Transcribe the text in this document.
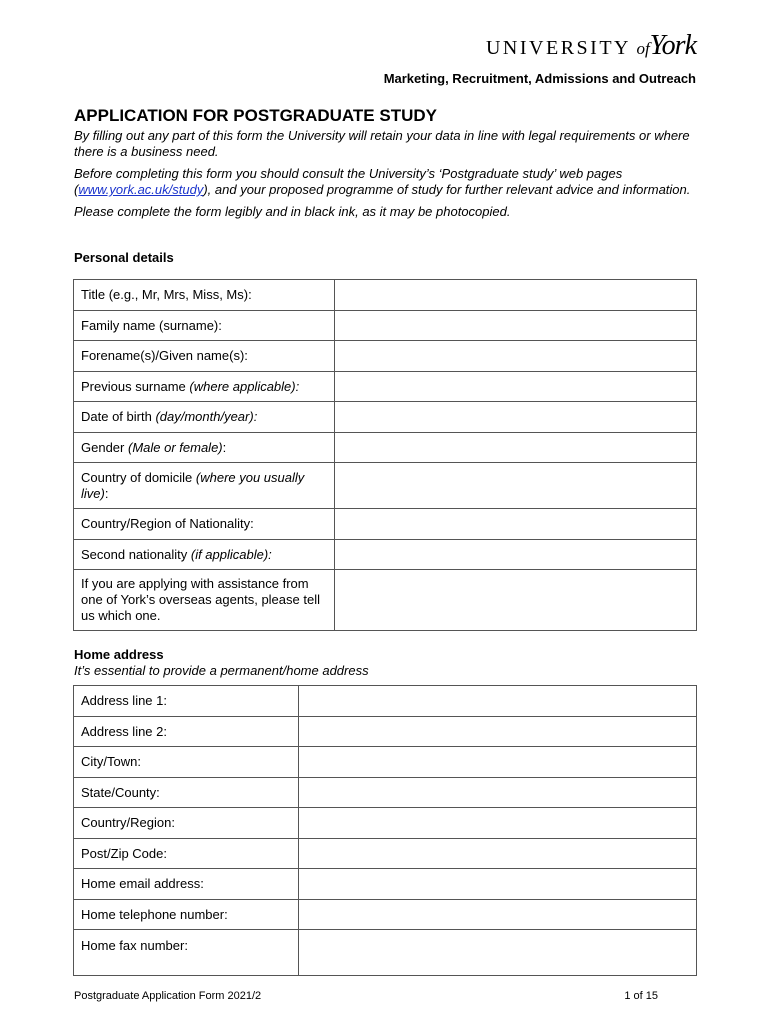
UNIVERSITY ofYork
Marketing, Recruitment, Admissions and Outreach
APPLICATION FOR POSTGRADUATE STUDY

By filling out any part of this form the University will retain your data in line with legal requirements or where there is a business need.

Before completing this form you should consult the University’s ‘Postgraduate study’ web pages (www.york.ac.uk/study), and your proposed programme of study for further relevant advice and information.

Please complete the form legibly and in black ink, as it may be photocopied.

Personal details
Title (e.g., Mr, Mrs, Miss, Ms):	
Family name (surname):	
Forename(s)/Given name(s):	
Previous surname (where applicable):	
Date of birth (day/month/year):	
Gender (Male or female):	
Country of domicile (where you usually live):	
Country/Region of Nationality:	
Second nationality (if applicable):	
If you are applying with assistance from one of York’s overseas agents, please tell us which one.	
Home address
It’s essential to provide a permanent/home address
Address line 1:	
Address line 2:	
City/Town:	
State/County:	
Country/Region:	
Post/Zip Code:	
Home email address:	
Home telephone number:	
Home fax number:	
Postgraduate Application Form 2021/2	1 of 15
